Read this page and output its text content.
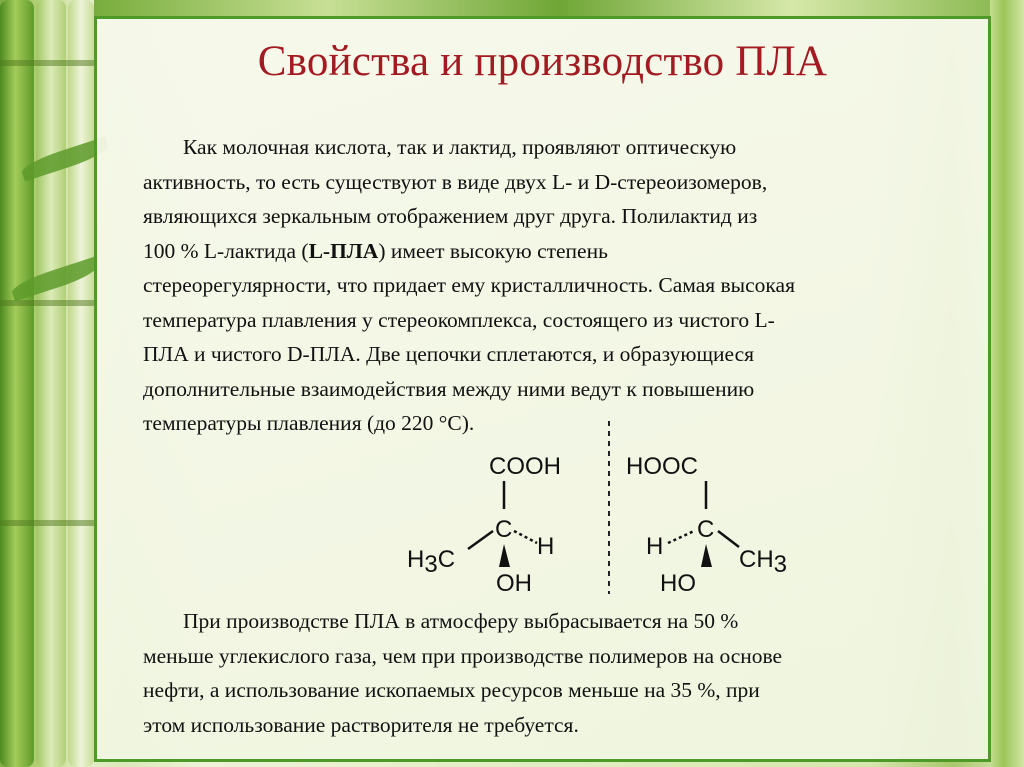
Свойства и производство ПЛА
Как молочная кислота, так и лактид, проявляют оптическую
активность, то есть существуют в виде двух L- и D-стереоизомеров,
являющихся зеркальным отображением друг друга. Полилактид из
100 % L-лактида (L-ПЛА) имеет высокую степень
стереорегулярности, что придает ему кристалличность. Самая высокая
температура плавления у стереокомплекса, состоящего из чистого L-
ПЛА и чистого D-ПЛА. Две цепочки сплетаются, и образующиеся
дополнительные взаимодействия между ними ведут к повышению
температуры плавления (до 220 °C).
COOH
C
H3C	H
OH
HOOC
C
H	CH3
HO
При производстве ПЛА в атмосферу выбрасывается на 50 %
меньше углекислого газа, чем при производстве полимеров на основе
нефти, а использование ископаемых ресурсов меньше на 35 %, при
этом использование растворителя не требуется.
